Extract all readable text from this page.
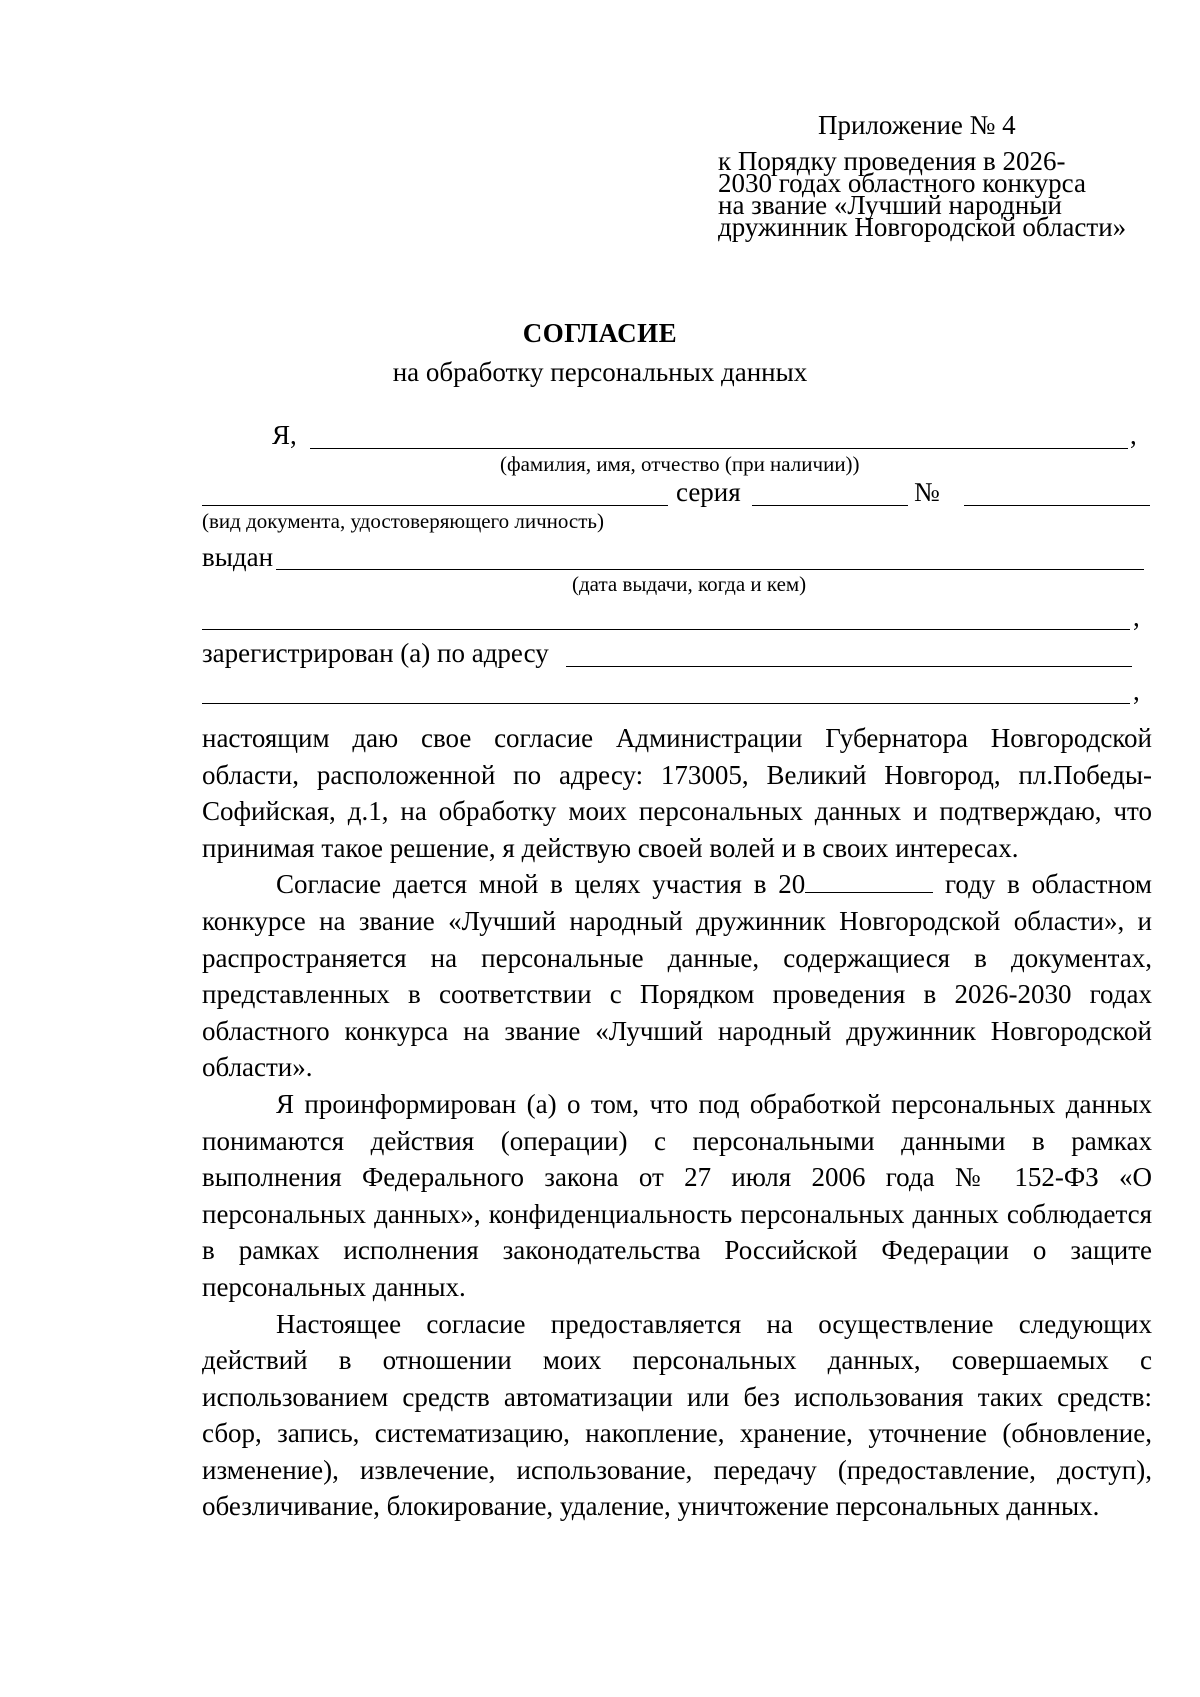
Приложение № 4
к Порядку проведения в 2026-
2030 годах областного конкурса
на звание «Лучший народный
дружинник Новгородской области»
СОГЛАСИЕ
на обработку персональных данных
Я,	,
(фамилия, имя, отчество (при наличии))
серия	№
(вид документа, удостоверяющего личность)
выдан
(дата выдачи, когда и кем)
,
зарегистрирован (а) по адресу
,

настоящим даю свое согласие Администрации Губернатора Новгородской области, расположенной по адресу: 173005, Великий Новгород, пл.Победы-Софийская, д.1, на обработку моих персональных данных и подтверждаю, что принимая такое решение, я действую своей волей и в своих интересах.

Согласие дается мной в целях участия в 20	году в областном конкурсе на звание «Лучший народный дружинник Новгородской области», и распространяется на персональные данные, содержащиеся в документах, представленных в соответствии с Порядком проведения в 2026-2030 годах областного конкурса на звание «Лучший народный дружинник Новгородской области».

Я проинформирован (а) о том, что под обработкой персональных данных понимаются действия (операции) с персональными данными в рамках выполнения Федерального закона от 27 июля 2006 года № 152-ФЗ «О персональных данных», конфиденциальность персональных данных соблюдается в рамках исполнения законодательства Российской Федерации о защите персональных данных.

Настоящее согласие предоставляется на осуществление следующих действий в отношении моих персональных данных, совершаемых с использованием средств автоматизации или без использования таких средств: сбор, запись, систематизацию, накопление, хранение, уточнение (обновление, изменение), извлечение, использование, передачу (предоставление, доступ), обезличивание, блокирование, удаление, уничтожение персональных данных.
